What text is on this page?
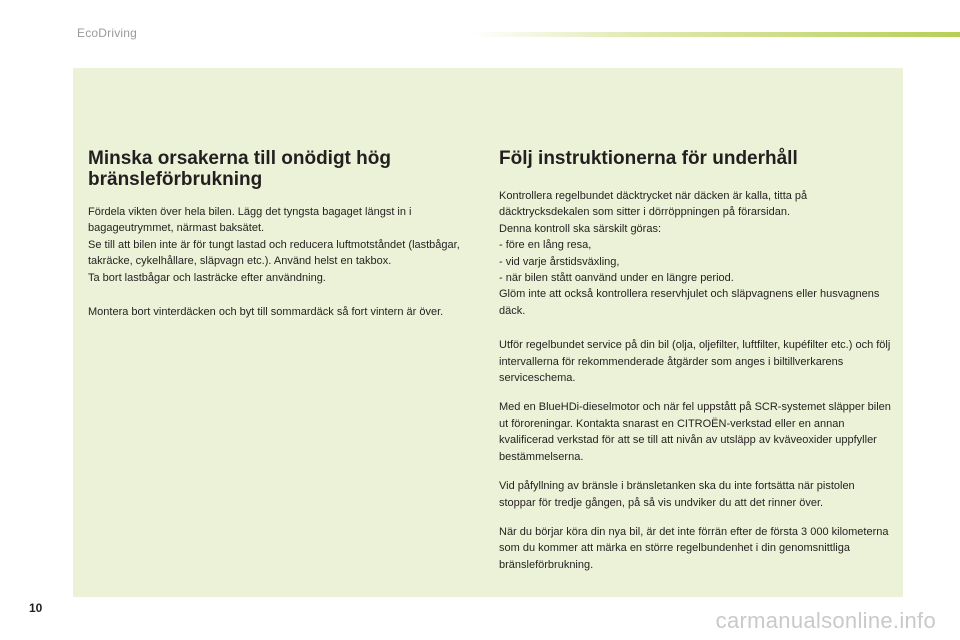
EcoDriving
Minska orsakerna till onödigt hög bränsleförbrukning

Fördela vikten över hela bilen. Lägg det tyngsta bagaget längst in i bagageutrymmet, närmast baksätet.
Se till att bilen inte är för tungt lastad och reducera luftmotståndet (lastbågar, takräcke, cykelhållare, släpvagn etc.). Använd helst en takbox.
Ta bort lastbågar och lasträcke efter användning.

Montera bort vinterdäcken och byt till sommardäck så fort vintern är över.

Följ instruktionerna för underhåll

Kontrollera regelbundet däcktrycket när däcken är kalla, titta på däcktrycksdekalen som sitter i dörröppningen på förarsidan.
Denna kontroll ska särskilt göras:
- före en lång resa,
- vid varje årstidsväxling,
- när bilen stått oanvänd under en längre period.
Glöm inte att också kontrollera reservhjulet och släpvagnens eller husvagnens däck.

Utför regelbundet service på din bil (olja, oljefilter, luftfilter, kupéfilter etc.) och följ intervallerna för rekommenderade åtgärder som anges i biltillverkarens serviceschema.

Med en BlueHDi-dieselmotor och när fel uppstått på SCR-systemet släpper bilen ut föroreningar. Kontakta snarast en CITROËN-verkstad eller en annan kvalificerad verkstad för att se till att nivån av utsläpp av kväveoxider uppfyller bestämmelserna.

Vid påfyllning av bränsle i bränsletanken ska du inte fortsätta när pistolen stoppar för tredje gången, på så vis undviker du att det rinner över.

När du börjar köra din nya bil, är det inte förrän efter de första 3 000 kilometerna som du kommer att märka en större regelbundenhet i din genomsnittliga bränsleförbrukning.

10	carmanualsonline.info
